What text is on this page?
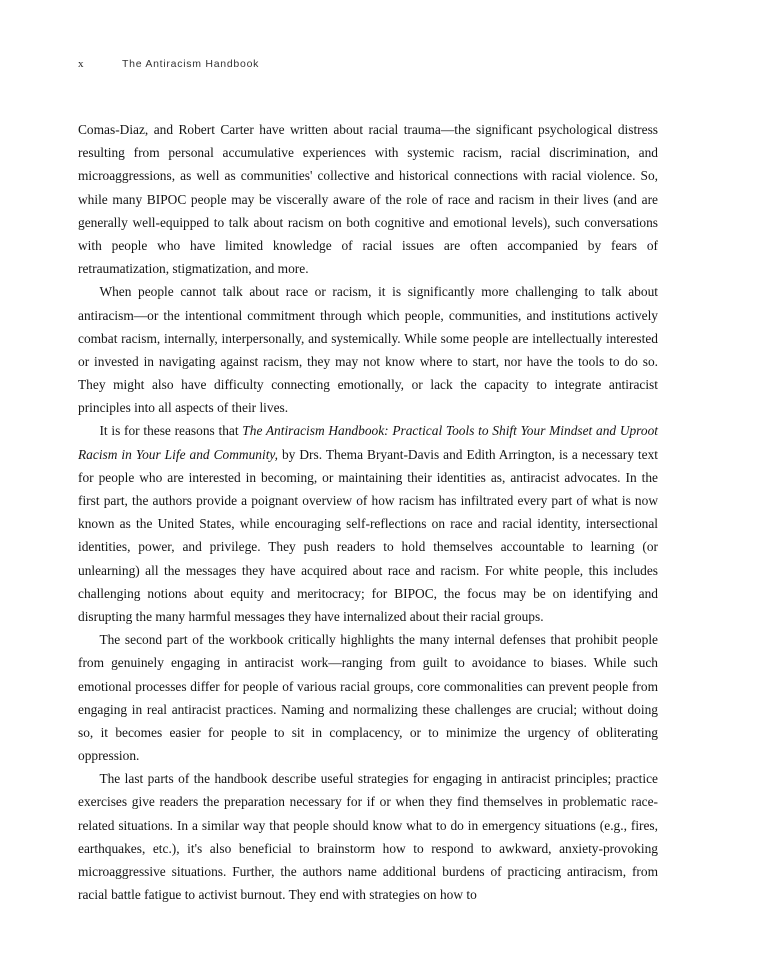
x	The Antiracism Handbook

Comas-Diaz, and Robert Carter have written about racial trauma—the significant psychological distress resulting from personal accumulative experiences with systemic racism, racial discrimination, and microaggressions, as well as communities' collective and historical connections with racial violence. So, while many BIPOC people may be viscerally aware of the role of race and racism in their lives (and are generally well-equipped to talk about racism on both cognitive and emotional levels), such conversations with people who have limited knowledge of racial issues are often accompanied by fears of retraumatization, stigmatization, and more.

When people cannot talk about race or racism, it is significantly more challenging to talk about antiracism—or the intentional commitment through which people, communities, and institutions actively combat racism, internally, interpersonally, and systemically. While some people are intellectually interested or invested in navigating against racism, they may not know where to start, nor have the tools to do so. They might also have difficulty connecting emotionally, or lack the capacity to integrate antiracist principles into all aspects of their lives.

It is for these reasons that The Antiracism Handbook: Practical Tools to Shift Your Mindset and Uproot Racism in Your Life and Community, by Drs. Thema Bryant-Davis and Edith Arrington, is a necessary text for people who are interested in becoming, or maintaining their identities as, antiracist advocates. In the first part, the authors provide a poignant overview of how racism has infiltrated every part of what is now known as the United States, while encouraging self-reflections on race and racial identity, intersectional identities, power, and privilege. They push readers to hold themselves accountable to learning (or unlearning) all the messages they have acquired about race and racism. For white people, this includes challenging notions about equity and meritocracy; for BIPOC, the focus may be on identifying and disrupting the many harmful messages they have internalized about their racial groups.

The second part of the workbook critically highlights the many internal defenses that prohibit people from genuinely engaging in antiracist work—ranging from guilt to avoidance to biases. While such emotional processes differ for people of various racial groups, core commonalities can prevent people from engaging in real antiracist practices. Naming and normalizing these challenges are crucial; without doing so, it becomes easier for people to sit in complacency, or to minimize the urgency of obliterating oppression.

The last parts of the handbook describe useful strategies for engaging in antiracist principles; practice exercises give readers the preparation necessary for if or when they find themselves in problematic race-related situations. In a similar way that people should know what to do in emergency situations (e.g., fires, earthquakes, etc.), it's also beneficial to brainstorm how to respond to awkward, anxiety-provoking microaggressive situations. Further, the authors name additional burdens of practicing antiracism, from racial battle fatigue to activist burnout. They end with strategies on how to
